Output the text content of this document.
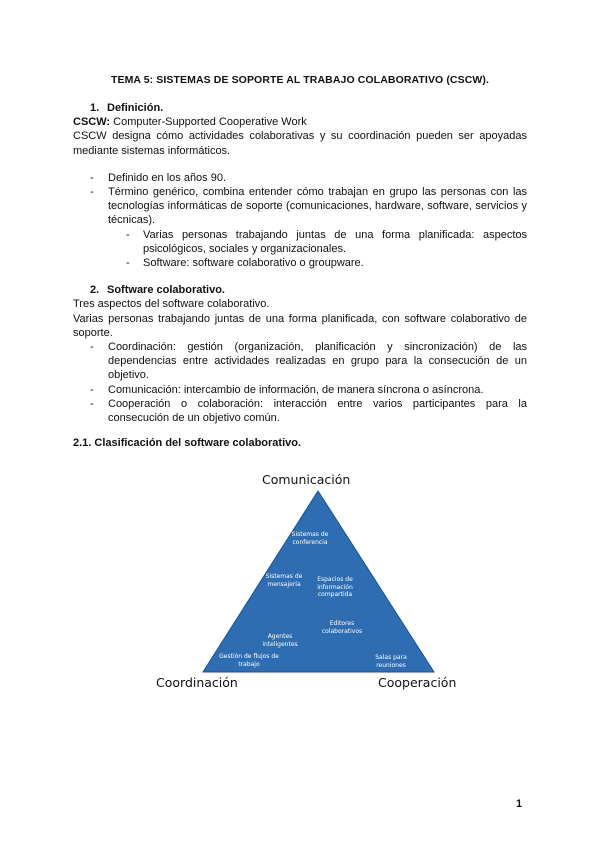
TEMA 5: SISTEMAS DE SOPORTE AL TRABAJO COLABORATIVO (CSCW).

1. Definición.

CSCW: Computer-Supported Cooperative Work

CSCW designa cómo actividades colaborativas y su coordinación pueden ser apoyadas mediante sistemas informáticos.

- Definido en los años 90.
- Término genérico, combina entender cómo trabajan en grupo las personas con las tecnologías informáticas de soporte (comunicaciones, hardware, software, servicios y técnicas).
- Varias personas trabajando juntas de una forma planificada: aspectos psicológicos, sociales y organizacionales.
- Software: software colaborativo o groupware.

2. Software colaborativo.

Tres aspectos del software colaborativo.

Varias personas trabajando juntas de una forma planificada, con software colaborativo de soporte.

- Coordinación: gestión (organización, planificación y sincronización) de las dependencias entre actividades realizadas en grupo para la consecución de un objetivo.
- Comunicación: intercambio de información, de manera síncrona o asíncrona.
- Cooperación o colaboración: interacción entre varios participantes para la consecución de un objetivo común.

2.1. Clasificación del software colaborativo.

Comunicación
Coordinación	Cooperación
Sistemas de conferencia
Sistemas de mensajería
Espacios de información compartida
Editores colaborativos
Agentes inteligentes
Gestión de flujos de trabajo
Salas para reuniones
1
